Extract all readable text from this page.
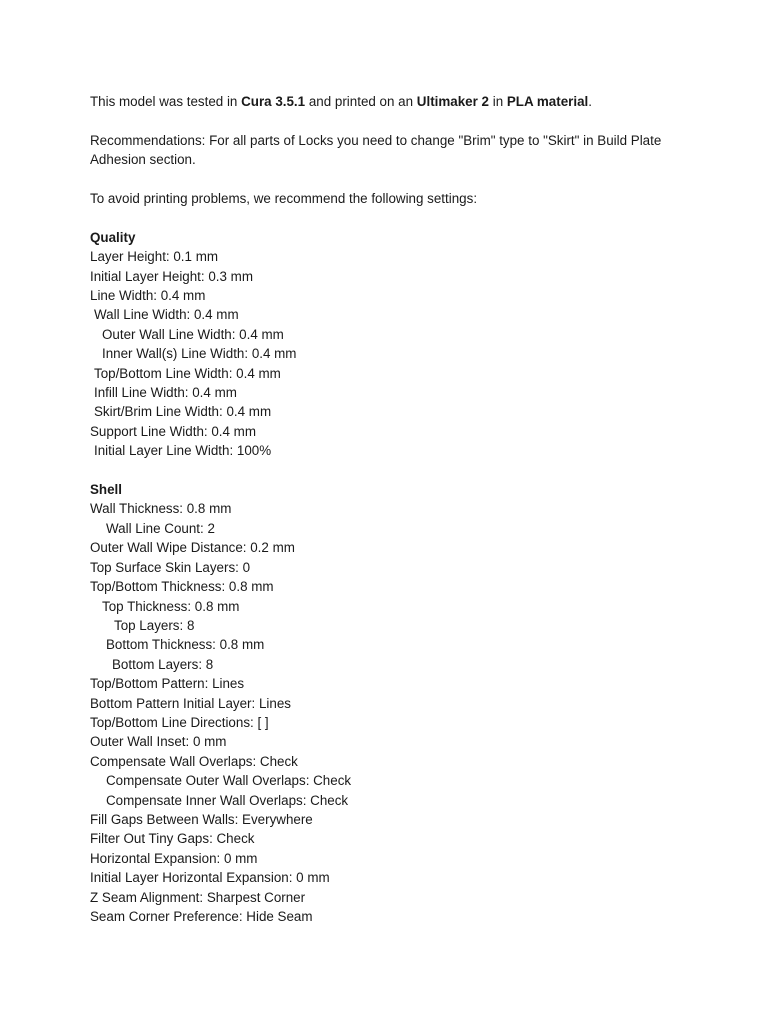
This model was tested in Cura 3.5.1 and printed on an Ultimaker 2 in PLA material.

Recommendations: For all parts of Locks you need to change "Brim" type to "Skirt" in Build Plate Adhesion section.

To avoid printing problems, we recommend the following settings:

Quality

Layer Height: 0.1 mm

Initial Layer Height: 0.3 mm

Line Width: 0.4 mm

Wall Line Width: 0.4 mm

Outer Wall Line Width: 0.4 mm

Inner Wall(s) Line Width: 0.4 mm

Top/Bottom Line Width: 0.4 mm

Infill Line Width: 0.4 mm

Skirt/Brim Line Width: 0.4 mm

Support Line Width: 0.4 mm

Initial Layer Line Width: 100%

Shell

Wall Thickness: 0.8 mm

Wall Line Count: 2

Outer Wall Wipe Distance: 0.2 mm

Top Surface Skin Layers: 0

Top/Bottom Thickness: 0.8 mm

Top Thickness: 0.8 mm

Top Layers: 8

Bottom Thickness: 0.8 mm

Bottom Layers: 8

Top/Bottom Pattern: Lines

Bottom Pattern Initial Layer: Lines

Top/Bottom Line Directions: [ ]

Outer Wall Inset: 0 mm

Compensate Wall Overlaps: Check

Compensate Outer Wall Overlaps: Check

Compensate Inner Wall Overlaps: Check

Fill Gaps Between Walls: Everywhere

Filter Out Tiny Gaps: Check

Horizontal Expansion: 0 mm

Initial Layer Horizontal Expansion: 0 mm

Z Seam Alignment: Sharpest Corner

Seam Corner Preference: Hide Seam
